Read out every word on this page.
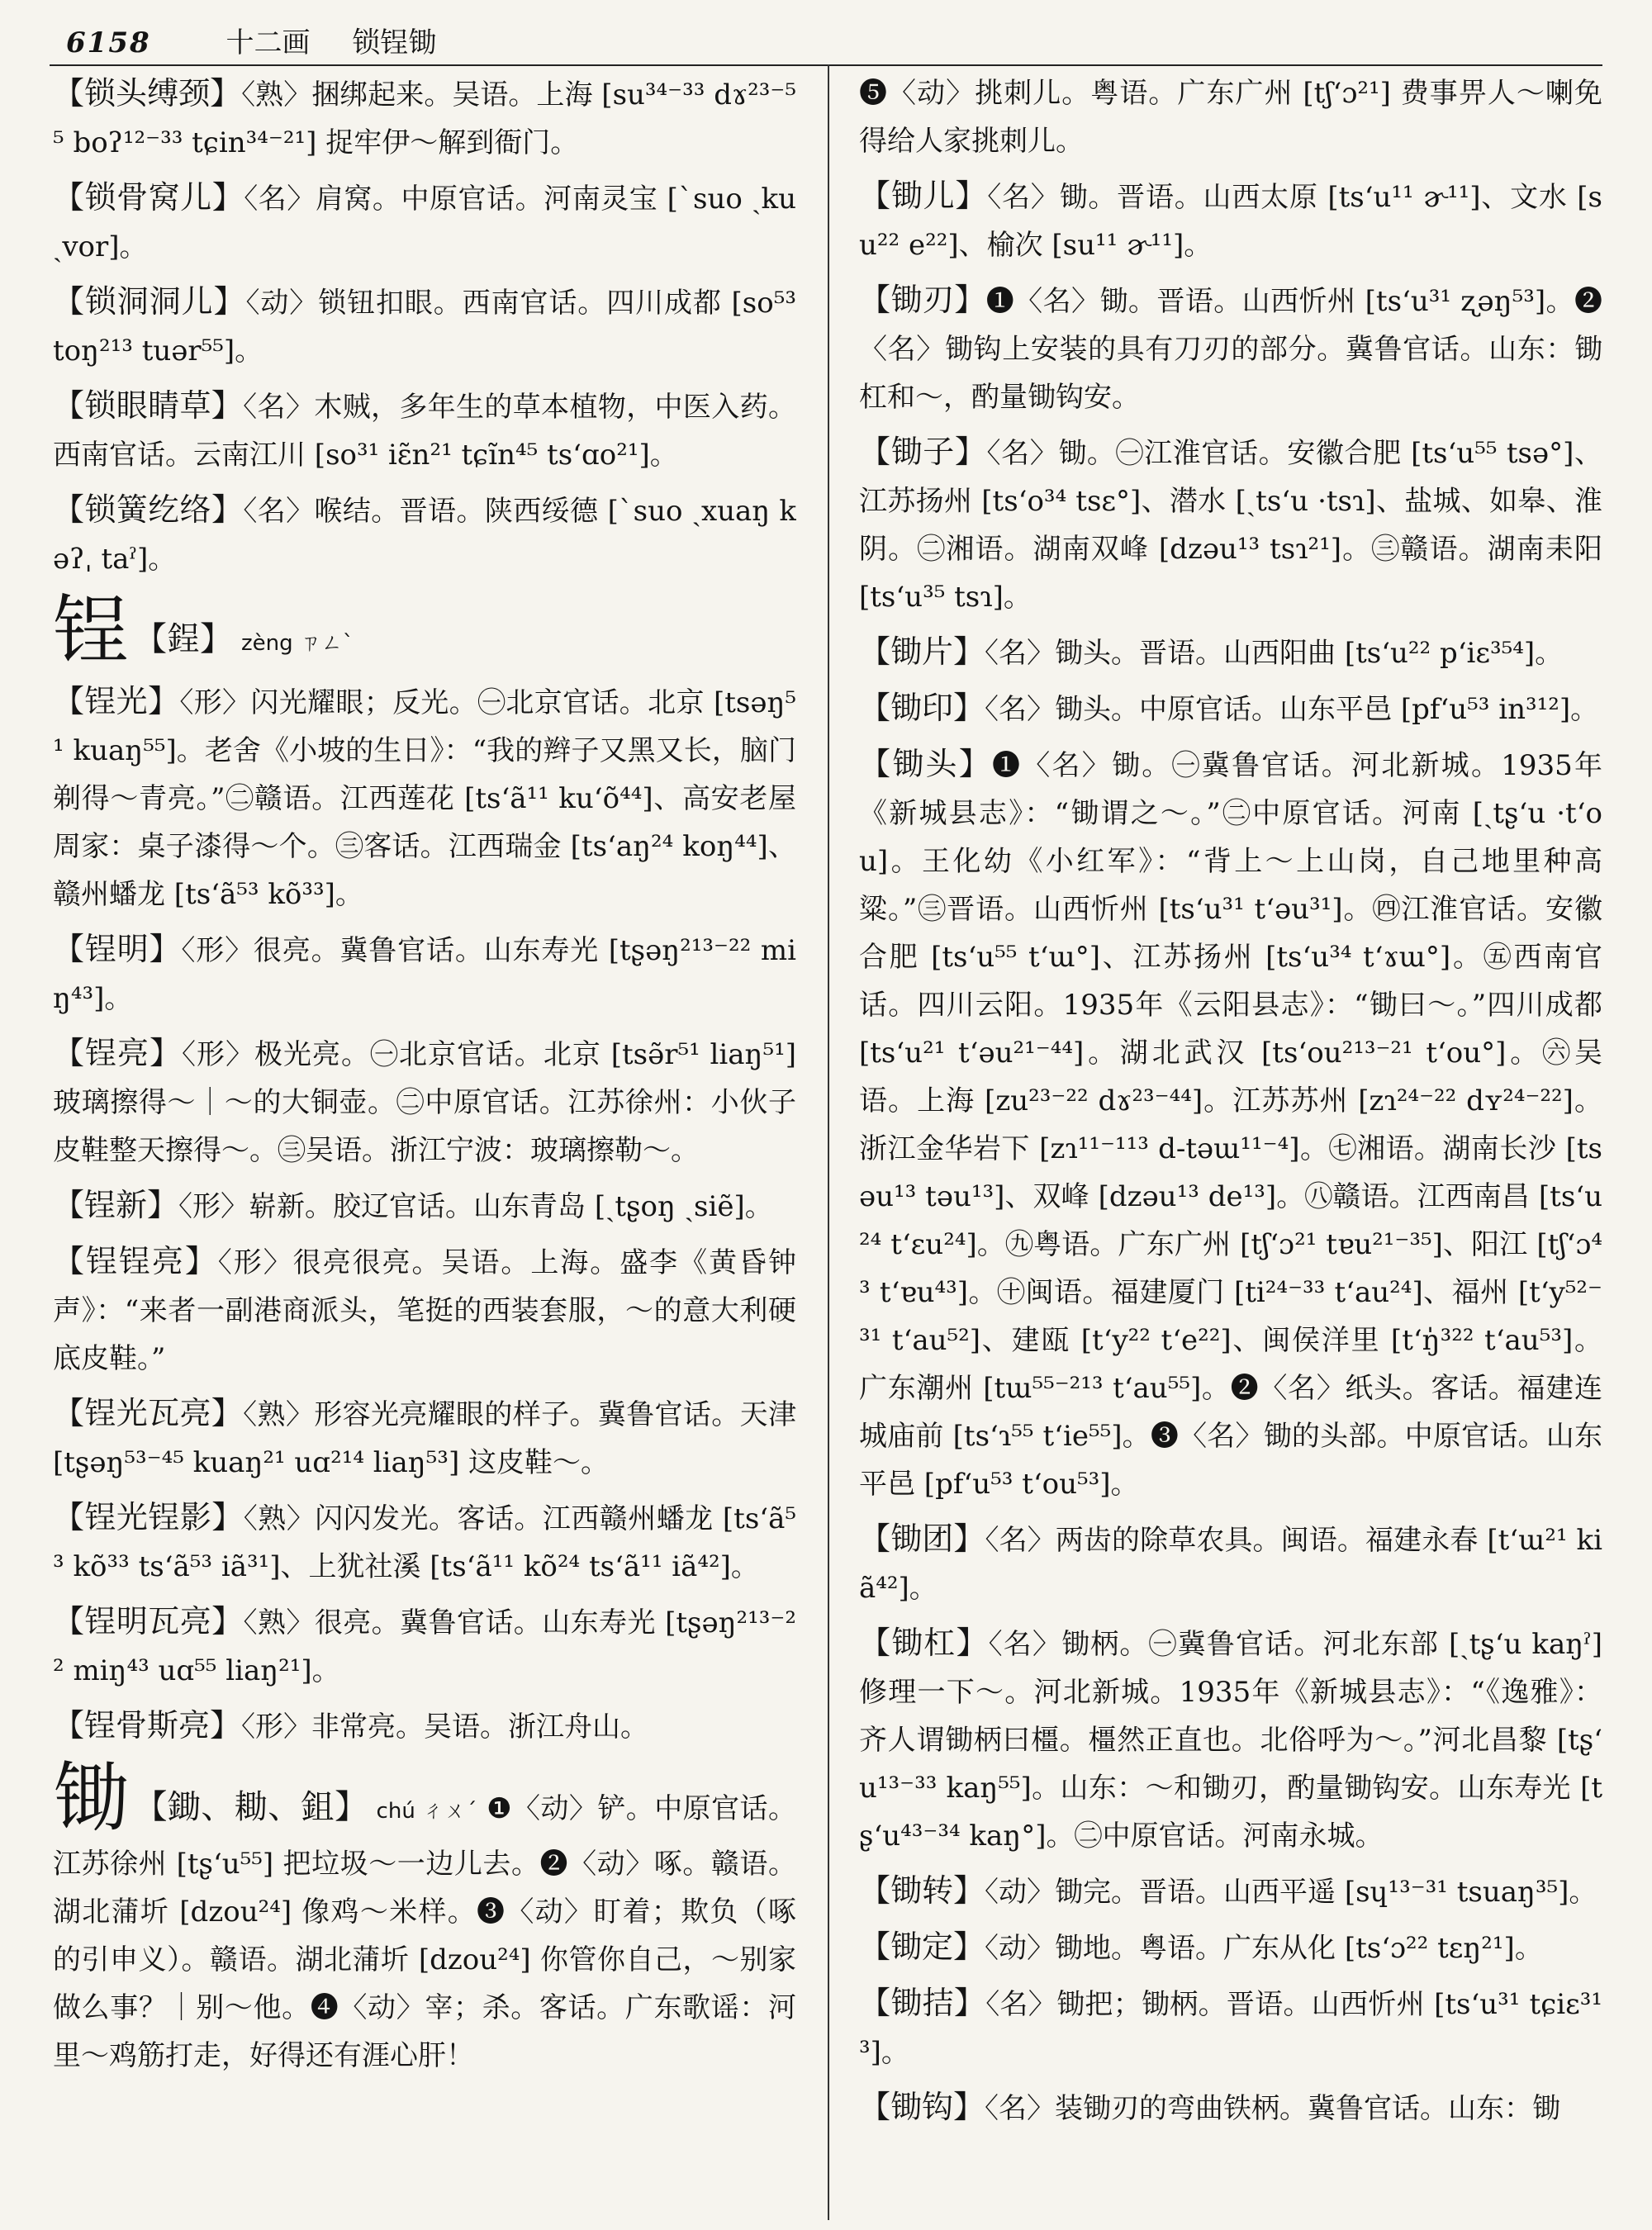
6158	十二画 锁锃锄

【锁头缚颈】〈熟〉捆绑起来。吴语。上海 [su³⁴⁻³³ dɤ²³⁻⁵⁵ boʔ¹²⁻³³ tɕin³⁴⁻²¹] 捉牢伊～解到衙门。

【锁骨窝儿】〈名〉肩窝。中原官话。河南灵宝 [ˋsuo ˏku ˏvor]。

【锁洞洞儿】〈动〉锁钮扣眼。西南官话。四川成都 [so⁵³ toŋ²¹³ tuər⁵⁵]。

【锁眼睛草】〈名〉木贼，多年生的草本植物，中医入药。西南官话。云南江川 [so³¹ iɛ̃n²¹ tɕĩn⁴⁵ tsʻɑo²¹]。

【锁簧纥络】〈名〉喉结。晋语。陕西绥德 [ˋsuo ˏxuaŋ kəʔˌ taˀ]。

锃 【鋥】 zèng ㄗㄥˋ

【锃光】〈形〉闪光耀眼；反光。㊀北京官话。北京 [tsəŋ⁵¹ kuaŋ⁵⁵]。老舍《小坡的生日》：“我的辫子又黑又长，脑门剃得～青亮。”㊁赣语。江西莲花 [tsʻã¹¹ kuʻõ⁴⁴]、高安老屋周家：桌子漆得～个。㊂客话。江西瑞金 [tsʻaŋ²⁴ koŋ⁴⁴]、赣州蟠龙 [tsʻã⁵³ kõ³³]。

【锃明】〈形〉很亮。冀鲁官话。山东寿光 [tʂəŋ²¹³⁻²² miŋ⁴³]。

【锃亮】〈形〉极光亮。㊀北京官话。北京 [tsə̃r⁵¹ liaŋ⁵¹] 玻璃擦得～｜～的大铜壶。㊁中原官话。江苏徐州：小伙子皮鞋整天擦得～。㊂吴语。浙江宁波：玻璃擦勒～。

【锃新】〈形〉崭新。胶辽官话。山东青岛 [ˏtʂoŋ ˏsiẽ]。

【锃锃亮】〈形〉很亮很亮。吴语。上海。盛李《黄昏钟声》：“来者一副港商派头，笔挺的西装套服，～的意大利硬底皮鞋。”

【锃光瓦亮】〈熟〉形容光亮耀眼的样子。冀鲁官话。天津 [tʂəŋ⁵³⁻⁴⁵ kuaŋ²¹ uɑ²¹⁴ liaŋ⁵³] 这皮鞋～。

【锃光锃影】〈熟〉闪闪发光。客话。江西赣州蟠龙 [tsʻã⁵³ kõ³³ tsʻã⁵³ iã³¹]、上犹社溪 [tsʻã¹¹ kõ²⁴ tsʻã¹¹ iã⁴²]。

【锃明瓦亮】〈熟〉很亮。冀鲁官话。山东寿光 [tʂəŋ²¹³⁻²² miŋ⁴³ uɑ⁵⁵ liaŋ²¹]。

【锃骨斯亮】〈形〉非常亮。吴语。浙江舟山。

锄 【鋤、耡、鉏】 chú ㄔㄨˊ ❶〈动〉铲。中原官话。江苏徐州 [tʂʻu⁵⁵] 把垃圾～一边儿去。❷〈动〉啄。赣语。湖北蒲圻 [dzou²⁴] 像鸡～米样。❸〈动〉盯着；欺负（啄的引申义）。赣语。湖北蒲圻 [dzou²⁴] 你管你自己，～别家做么事？｜别～他。❹〈动〉宰；杀。客话。广东歌谣：河里～鸡筋打走，好得还有涯心肝！

❺〈动〉挑刺儿。粤语。广东广州 [tʃʻɔ²¹] 费事畀人～喇免得给人家挑刺儿。

【锄儿】〈名〉锄。晋语。山西太原 [tsʻu¹¹ ɚ¹¹]、文水 [su²² e²²]、榆次 [su¹¹ ɚ¹¹]。

【锄刃】❶〈名〉锄。晋语。山西忻州 [tsʻu³¹ ʐəŋ⁵³]。❷〈名〉锄钩上安装的具有刀刃的部分。冀鲁官话。山东：锄杠和～，酌量锄钩安。

【锄子】〈名〉锄。㊀江淮官话。安徽合肥 [tsʻu⁵⁵ tsə°]、江苏扬州 [tsʻo³⁴ tsɛ°]、潜水 [ˏtsʻu ·tsɿ]、盐城、如皋、淮阴。㊁湘语。湖南双峰 [dzəu¹³ tsɿ²¹]。㊂赣语。湖南耒阳 [tsʻu³⁵ tsɿ]。

【锄片】〈名〉锄头。晋语。山西阳曲 [tsʻu²² pʻiɛ³⁵⁴]。

【锄印】〈名〉锄头。中原官话。山东平邑 [pfʻu⁵³ in³¹²]。

【锄头】❶〈名〉锄。㊀冀鲁官话。河北新城。1935年《新城县志》：“锄谓之～。”㊁中原官话。河南 [ˏtʂʻu ·tʻou]。王化幼《小红军》：“背上～上山岗，自己地里种高粱。”㊂晋语。山西忻州 [tsʻu³¹ tʻəu³¹]。㊃江淮官话。安徽合肥 [tsʻu⁵⁵ tʻɯ°]、江苏扬州 [tsʻu³⁴ tʻɤɯ°]。㊄西南官话。四川云阳。1935年《云阳县志》：“锄曰～。”四川成都 [tsʻu²¹ tʻəu²¹⁻⁴⁴]。湖北武汉 [tsʻou²¹³⁻²¹ tʻou°]。㊅吴语。上海 [zu²³⁻²² dɤ²³⁻⁴⁴]。江苏苏州 [zɿ²⁴⁻²² dʏ²⁴⁻²²]。浙江金华岩下 [zɿ¹¹⁻¹¹³ d-təɯ¹¹⁻⁴]。㊆湘语。湖南长沙 [tsəu¹³ təu¹³]、双峰 [dzəu¹³ de¹³]。㊇赣语。江西南昌 [tsʻu²⁴ tʻɛu²⁴]。㊈粤语。广东广州 [tʃʻɔ²¹ tɐu²¹⁻³⁵]、阳江 [tʃʻɔ⁴³ tʻɐu⁴³]。㊉闽语。福建厦门 [ti²⁴⁻³³ tʻau²⁴]、福州 [tʻy⁵²⁻³¹ tʻau⁵²]、建瓯 [tʻy²² tʻe²²]、闽侯洋里 [tʻŋ̍³²² tʻau⁵³]。广东潮州 [tɯ⁵⁵⁻²¹³ tʻau⁵⁵]。❷〈名〉纸头。客话。福建连城庙前 [tsʻɿ⁵⁵ tʻie⁵⁵]。❸〈名〉锄的头部。中原官话。山东平邑 [pfʻu⁵³ tʻou⁵³]。

【锄团】〈名〉两齿的除草农具。闽语。福建永春 [tʻɯ²¹ kiã⁴²]。

【锄杠】〈名〉锄柄。㊀冀鲁官话。河北东部 [ˏtʂʻu kaŋˀ] 修理一下～。河北新城。1935年《新城县志》：“《逸雅》：齐人谓锄柄曰橿。橿然正直也。北俗呼为～。”河北昌黎 [tʂʻu¹³⁻³³ kaŋ⁵⁵]。山东：～和锄刃，酌量锄钩安。山东寿光 [tʂʻu⁴³⁻³⁴ kaŋ°]。㊁中原官话。河南永城。

【锄转】〈动〉锄完。晋语。山西平遥 [sɥ¹³⁻³¹ tsuaŋ³⁵]。

【锄定】〈动〉锄地。粤语。广东从化 [tsʻɔ²² tɛŋ²¹]。

【锄拮】〈名〉锄把；锄柄。晋语。山西忻州 [tsʻu³¹ tɕiɛ³¹³]。

【锄钩】〈名〉装锄刃的弯曲铁柄。冀鲁官话。山东：锄
